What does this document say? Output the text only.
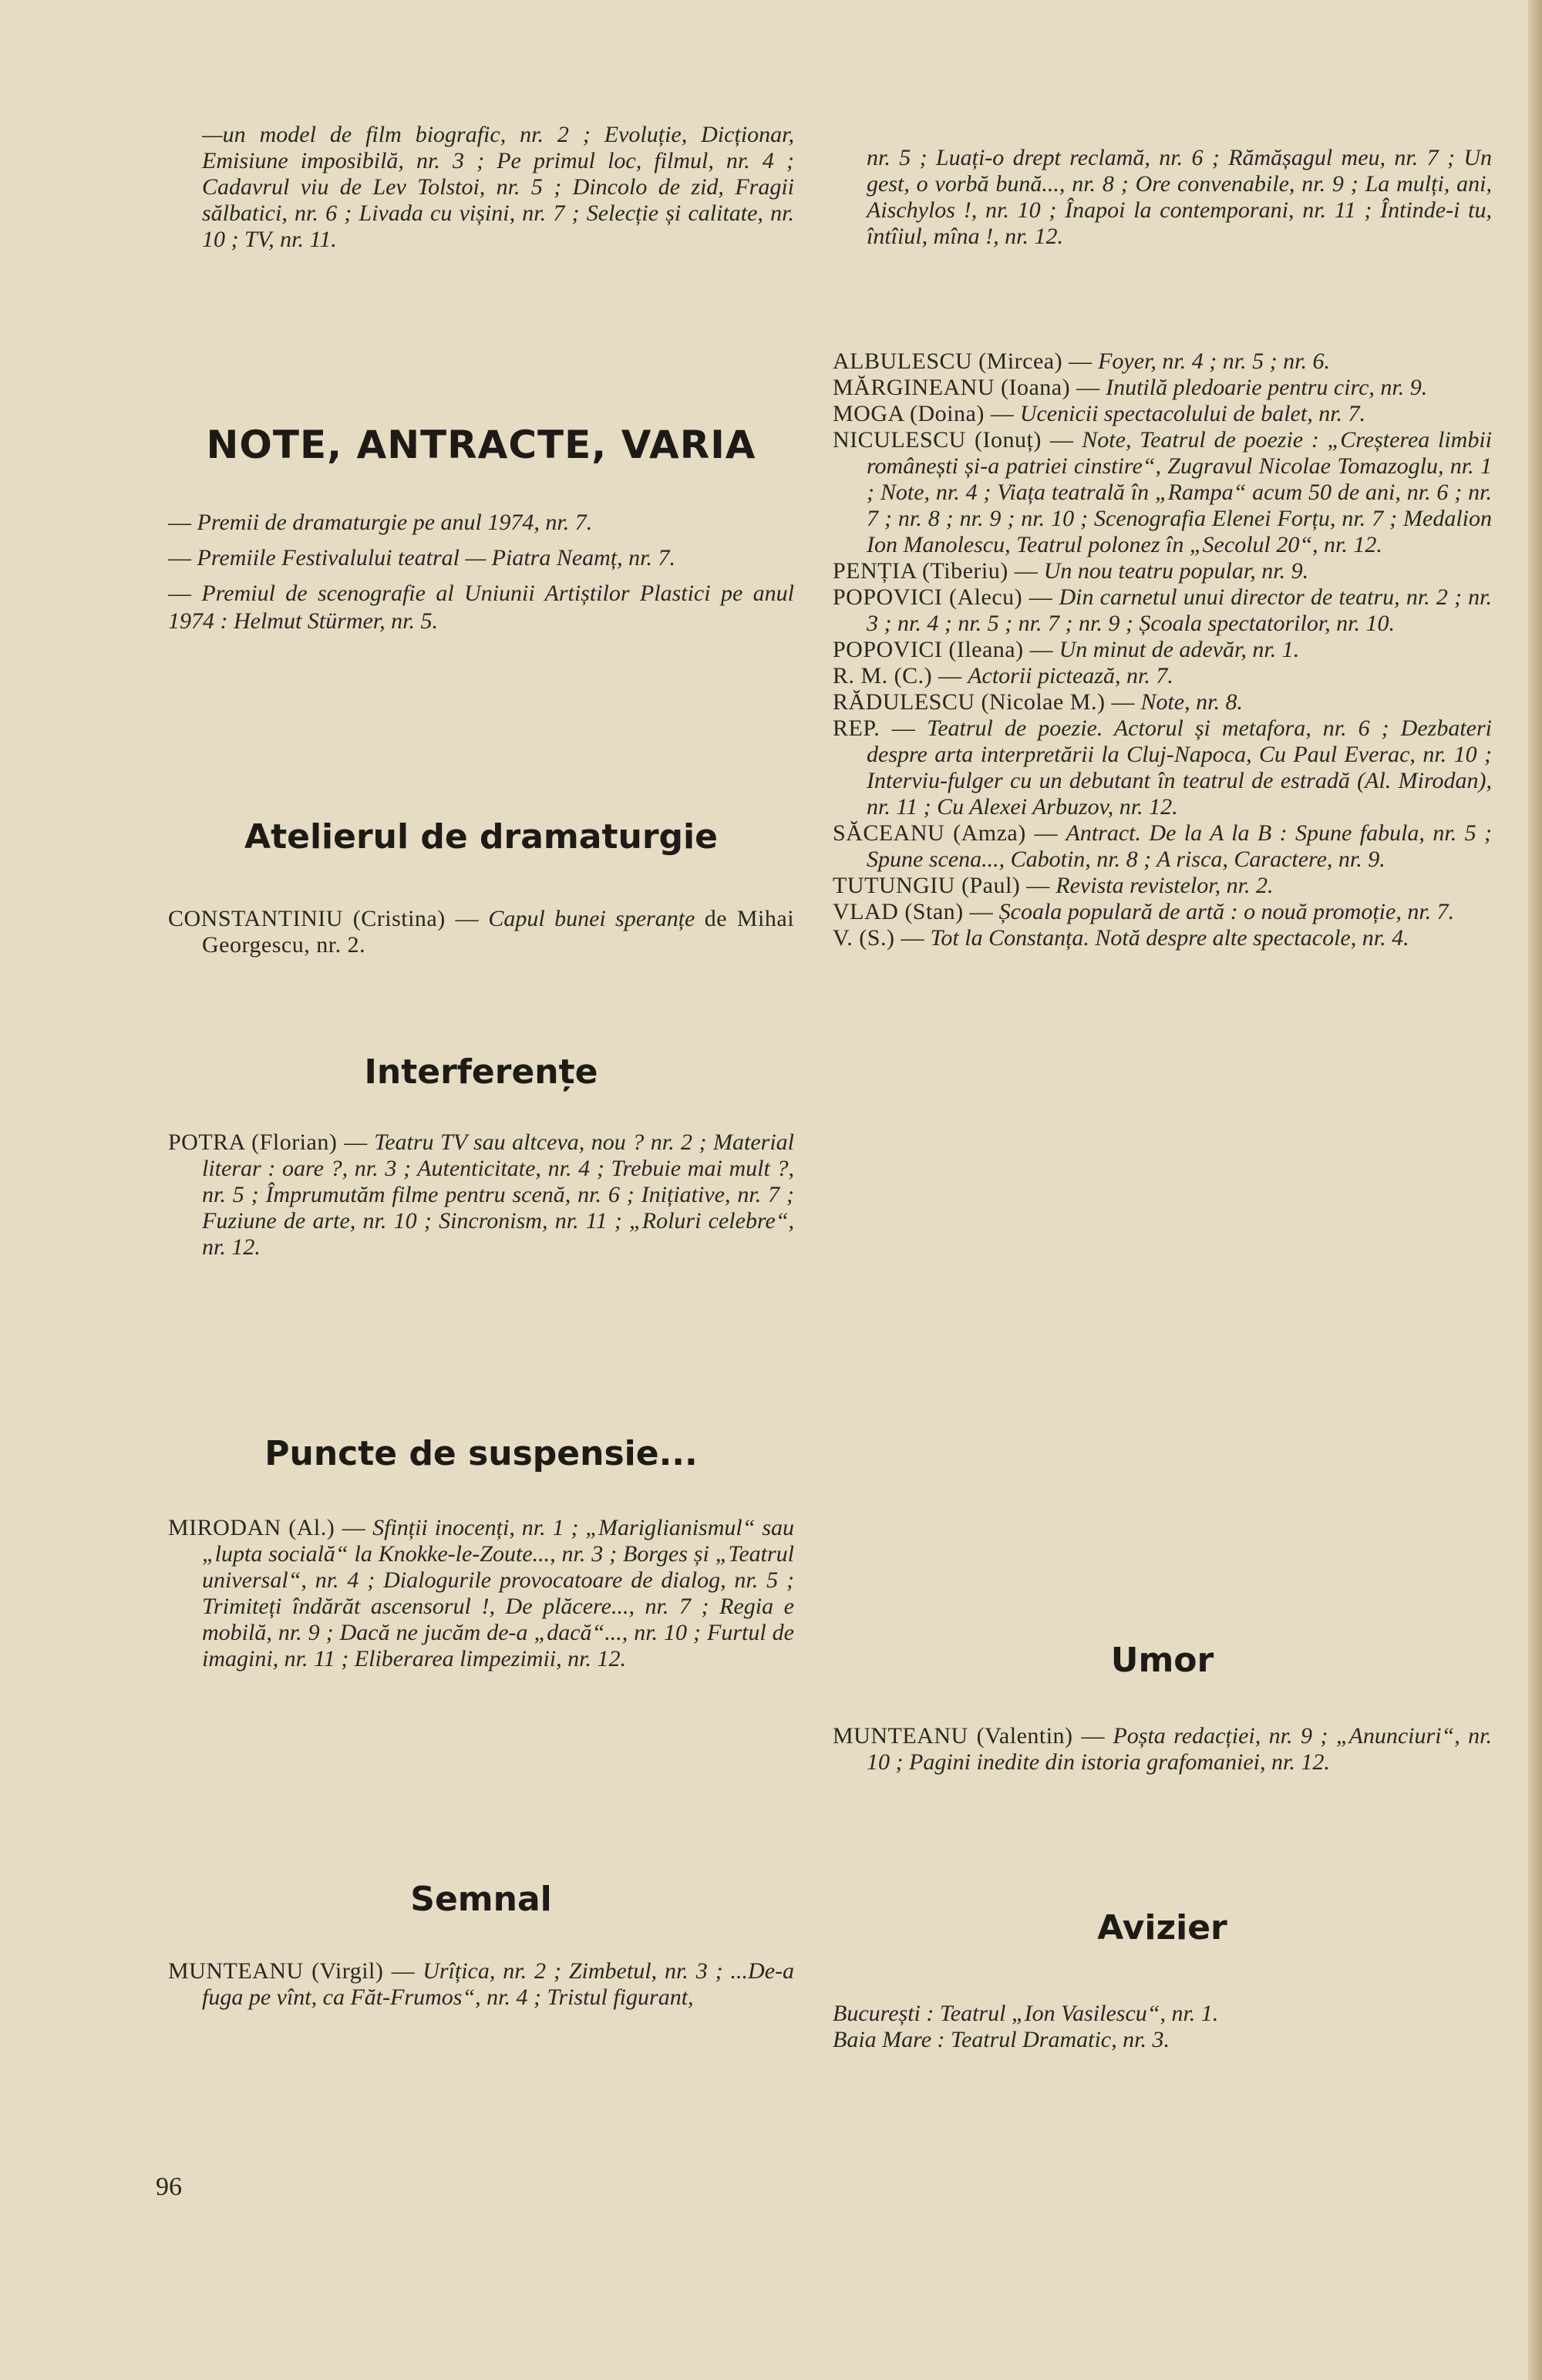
—un model de film biografic, nr. 2 ; Evoluție, Dicționar, Emisiune imposibilă, nr. 3 ; Pe primul loc, filmul, nr. 4 ; Cadavrul viu de Lev Tolstoi, nr. 5 ; Dincolo de zid, Fragii sălbatici, nr. 6 ; Livada cu vișini, nr. 7 ; Selecție și calitate, nr. 10 ; TV, nr. 11.

NOTE, ANTRACTE, VARIA

— Premii de dramaturgie pe anul 1974, nr. 7.

— Premiile Festivalului teatral — Piatra Neamț, nr. 7.

— Premiul de scenografie al Uniunii Artiștilor Plastici pe anul 1974 : Helmut Stürmer, nr. 5.

Atelierul de dramaturgie

CONSTANTINIU (Cristina) — Capul bunei speranțe de Mihai Georgescu, nr. 2.

Interferențe

POTRA (Florian) — Teatru TV sau altceva, nou ? nr. 2 ; Material literar : oare ?, nr. 3 ; Autenticitate, nr. 4 ; Trebuie mai mult ?, nr. 5 ; Împrumutăm filme pentru scenă, nr. 6 ; Inițiative, nr. 7 ; Fuziune de arte, nr. 10 ; Sincronism, nr. 11 ; „Roluri celebre“, nr. 12.

Puncte de suspensie...

MIRODAN (Al.) — Sfinții inocenți, nr. 1 ; „Mariglianismul“ sau „lupta socială“ la Knokke-le-Zoute..., nr. 3 ; Borges și „Teatrul universal“, nr. 4 ; Dialogurile provocatoare de dialog, nr. 5 ; Trimiteți îndărăt ascensorul !, De plăcere..., nr. 7 ; Regia e mobilă, nr. 9 ; Dacă ne jucăm de-a „dacă“..., nr. 10 ; Furtul de imagini, nr. 11 ; Eliberarea limpezimii, nr. 12.

Semnal

MUNTEANU (Virgil) — Urîțica, nr. 2 ; Zimbetul, nr. 3 ; ...De-a fuga pe vînt, ca Făt-Frumos“, nr. 4 ; Tristul figurant,

nr. 5 ; Luați-o drept reclamă, nr. 6 ; Rămășagul meu, nr. 7 ; Un gest, o vorbă bună..., nr. 8 ; Ore convenabile, nr. 9 ; La mulți, ani, Aischylos !, nr. 10 ; Înapoi la contemporani, nr. 11 ; Întinde-i tu, întîiul, mîna !, nr. 12.

ALBULESCU (Mircea) — Foyer, nr. 4 ; nr. 5 ; nr. 6.

MĂRGINEANU (Ioana) — Inutilă pledoarie pentru circ, nr. 9.

MOGA (Doina) — Ucenicii spectacolului de balet, nr. 7.

NICULESCU (Ionuț) — Note, Teatrul de poezie : „Creșterea limbii românești și-a patriei cinstire“, Zugravul Nicolae Tomazoglu, nr. 1 ; Note, nr. 4 ; Viața teatrală în „Rampa“ acum 50 de ani, nr. 6 ; nr. 7 ; nr. 8 ; nr. 9 ; nr. 10 ; Scenografia Elenei Forțu, nr. 7 ; Medalion Ion Manolescu, Teatrul polonez în „Secolul 20“, nr. 12.

PENȚIA (Tiberiu) — Un nou teatru popular, nr. 9.

POPOVICI (Alecu) — Din carnetul unui director de teatru, nr. 2 ; nr. 3 ; nr. 4 ; nr. 5 ; nr. 7 ; nr. 9 ; Școala spectatorilor, nr. 10.

POPOVICI (Ileana) — Un minut de adevăr, nr. 1.

R. M. (C.) — Actorii pictează, nr. 7.

RĂDULESCU (Nicolae M.) — Note, nr. 8.

REP. — Teatrul de poezie. Actorul și metafora, nr. 6 ; Dezbateri despre arta interpretării la Cluj-Napoca, Cu Paul Everac, nr. 10 ; Interviu-fulger cu un debutant în teatrul de estradă (Al. Mirodan), nr. 11 ; Cu Alexei Arbuzov, nr. 12.

SĂCEANU (Amza) — Antract. De la A la B : Spune fabula, nr. 5 ; Spune scena..., Cabotin, nr. 8 ; A risca, Caractere, nr. 9.

TUTUNGIU (Paul) — Revista revistelor, nr. 2.

VLAD (Stan) — Școala populară de artă : o nouă promoție, nr. 7.

V. (S.) — Tot la Constanța. Notă despre alte spectacole, nr. 4.

Umor

MUNTEANU (Valentin) — Poșta redacției, nr. 9 ; „Anunciuri“, nr. 10 ; Pagini inedite din istoria grafomaniei, nr. 12.

Avizier

București : Teatrul „Ion Vasilescu“, nr. 1.

Baia Mare : Teatrul Dramatic, nr. 3.

96
